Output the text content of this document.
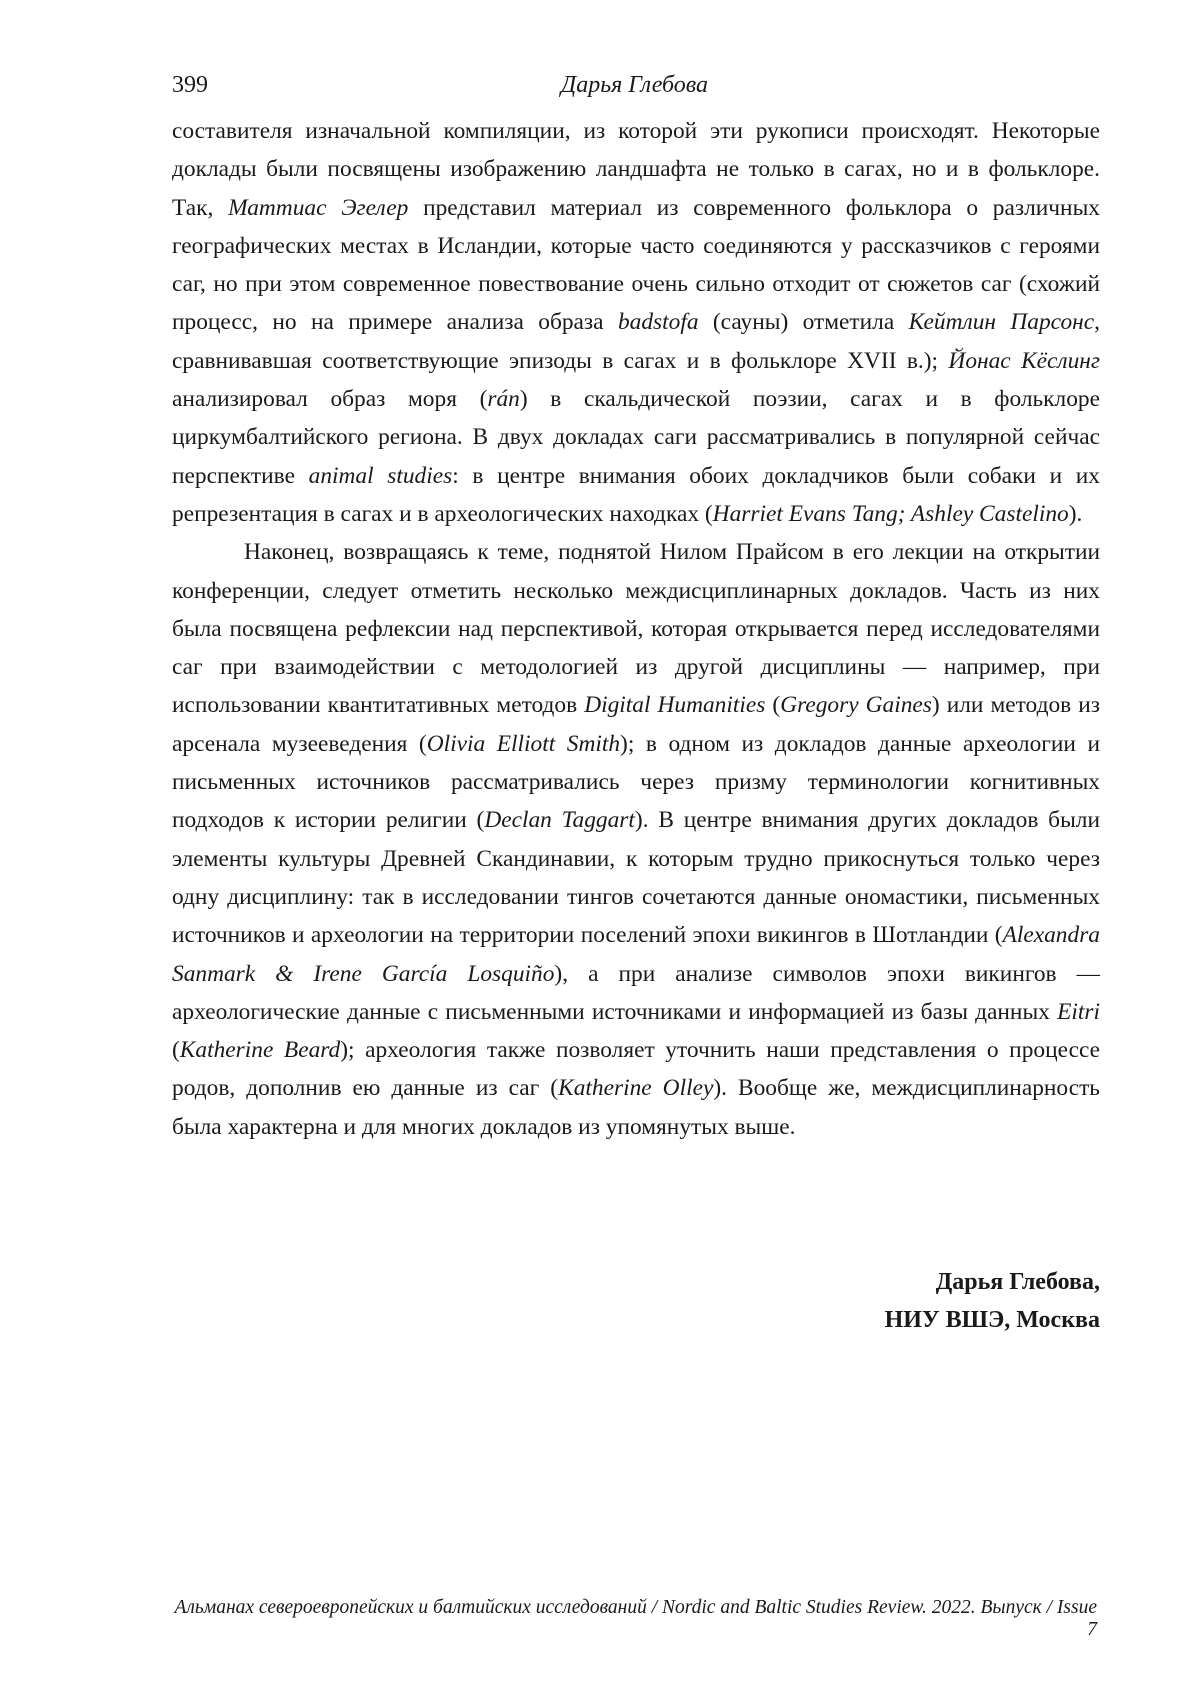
399	Дарья Глебова

составителя изначальной компиляции, из которой эти рукописи происходят. Некоторые доклады были посвящены изображению ландшафта не только в сагах, но и в фольклоре. Так, Маттиас Эгелер представил материал из современного фольклора о различных географических местах в Исландии, которые часто соединяются у рассказчиков с героями саг, но при этом современное повествование очень сильно отходит от сюжетов саг (схожий процесс, но на примере анализа образа badstofa (сауны) отметила Кейтлин Парсонс, сравнивавшая соответствующие эпизоды в сагах и в фольклоре XVII в.); Йонас Кёслинг анализировал образ моря (rán) в скальдической поэзии, сагах и в фольклоре циркумбалтийского региона. В двух докладах саги рассматривались в популярной сейчас перспективе animal studies: в центре внимания обоих докладчиков были собаки и их репрезентация в сагах и в археологических находках (Harriet Evans Tang; Ashley Castelino).

Наконец, возвращаясь к теме, поднятой Нилом Прайсом в его лекции на открытии конференции, следует отметить несколько междисциплинарных докладов. Часть из них была посвящена рефлексии над перспективой, которая открывается перед исследователями саг при взаимодействии с методологией из другой дисциплины — например, при использовании квантитативных методов Digital Humanities (Gregory Gaines) или методов из арсенала музееведения (Olivia Elliott Smith); в одном из докладов данные археологии и письменных источников рассматривались через призму терминологии когнитивных подходов к истории религии (Declan Taggart). В центре внимания других докладов были элементы культуры Древней Скандинавии, к которым трудно прикоснуться только через одну дисциплину: так в исследовании тингов сочетаются данные ономастики, письменных источников и археологии на территории поселений эпохи викингов в Шотландии (Alexandra Sanmark & Irene García Losquiño), а при анализе символов эпохи викингов — археологические данные с письменными источниками и информацией из базы данных Eitri (Katherine Beard); археология также позволяет уточнить наши представления о процессе родов, дополнив ею данные из саг (Katherine Olley). Вообще же, междисциплинарность была характерна и для многих докладов из упомянутых выше.

Дарья Глебова,
НИУ ВШЭ, Москва
Альманах североевропейских и балтийских исследований / Nordic and Baltic Studies Review. 2022. Выпуск / Issue 7
